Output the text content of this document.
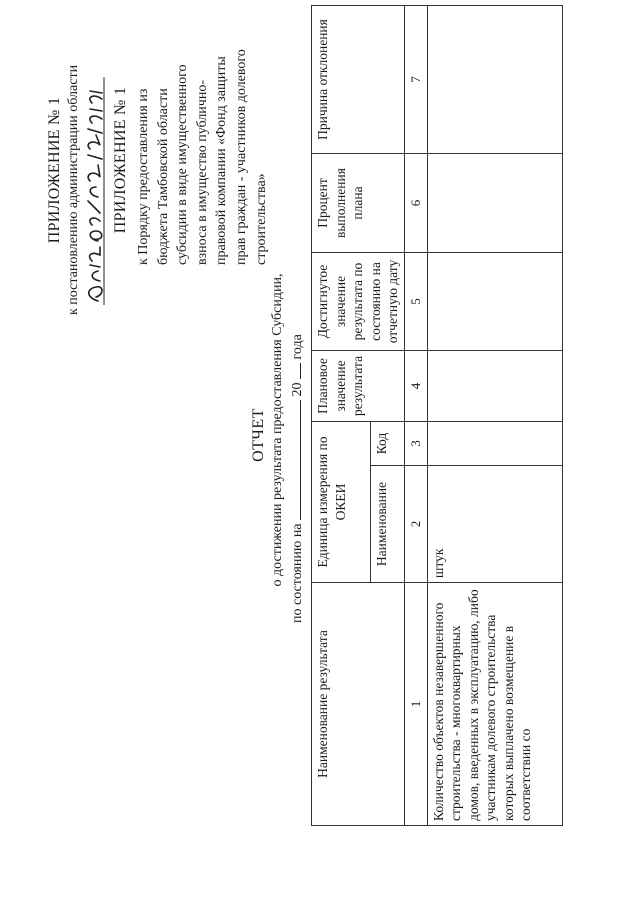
ПРИЛОЖЕНИЕ № 1 к постановлению администрации области ПРИЛОЖЕНИЕ № 1 к Порядку предоставления из бюджета Тамбовской области субсидии в виде имущественного взноса в имущество публично-правовой компании «Фонд защиты прав граждан - участников долевого строительства»
ОТЧЕТ о достижении результата предоставления Субсидии, по состоянию на  20  года
Наименование результата	Единица измерения по ОКЕИ		Плановое значение результата	Достигнутое значение результата по состоянию на отчетную дату	Процент выполнения плана	Причина отклонения
	Наименование	Код				
1	2	3	4	5	6	7
Количество объектов незавершенного строительства - многоквартирных домов, введенных в эксплуатацию, либо участникам долевого строительства которых выплачено возмещение в соответствии со	штук					
